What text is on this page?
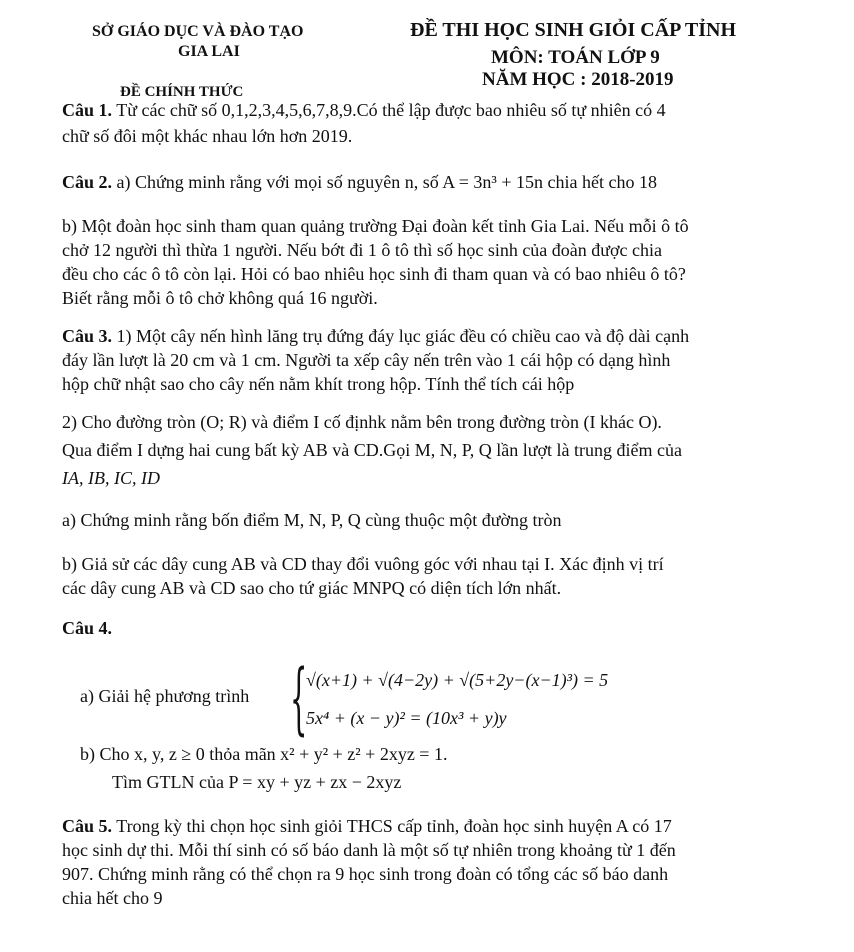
SỞ GIÁO DỤC VÀ ĐÀO TẠO
GIA LAI
ĐỀ CHÍNH THỨC
ĐỀ THI HỌC SINH GIỎI CẤP TỈNH
MÔN: TOÁN LỚP 9
NĂM HỌC : 2018-2019
Câu 1. Từ các chữ số 0,1,2,3,4,5,6,7,8,9.Có thể lập được bao nhiêu số tự nhiên có 4
chữ số đôi một khác nhau lớn hơn 2019.
Câu 2. a) Chứng minh rằng với mọi số nguyên n, số A = 3n³ + 15n chia hết cho 18
b) Một đoàn học sinh tham quan quảng trường Đại đoàn kết tỉnh Gia Lai. Nếu mỗi ô tô
chở 12 người thì thừa 1 người. Nếu bớt đi 1 ô tô thì số học sinh của đoàn được chia
đều cho các ô tô còn lại. Hỏi có bao nhiêu học sinh đi tham quan và có bao nhiêu ô tô?
Biết rằng mỗi ô tô chở không quá 16 người.
Câu 3. 1) Một cây nến hình lăng trụ đứng đáy lục giác đều có chiều cao và độ dài cạnh
đáy lần lượt là 20 cm và 1 cm. Người ta xếp cây nến trên vào 1 cái hộp có dạng hình
hộp chữ nhật sao cho cây nến nằm khít trong hộp. Tính thể tích cái hộp
2) Cho đường tròn (O; R) và điểm I cố địnhk nằm bên trong đường tròn (I khác O).
Qua điểm I dựng hai cung bất kỳ AB và CD.Gọi M, N, P, Q lần lượt là trung điểm của
IA, IB, IC, ID
a) Chứng minh rằng bốn điểm M, N, P, Q cùng thuộc một đường tròn
b) Giả sử các dây cung AB và CD thay đổi vuông góc với nhau tại I. Xác định vị trí
các dây cung AB và CD sao cho tứ giác MNPQ có diện tích lớn nhất.
Câu 4.
a) Giải hệ phương trình {
√(x+1) + √(4−2y) + √(5+2y−(x−1)³) = 5
5x⁴ + (x − y)² = (10x³ + y)y
b) Cho x, y, z ≥ 0 thỏa mãn x² + y² + z² + 2xyz = 1.
Tìm GTLN của P = xy + yz + zx − 2xyz
Câu 5. Trong kỳ thi chọn học sinh giỏi THCS cấp tỉnh, đoàn học sinh huyện A có 17
học sinh dự thi. Mỗi thí sinh có số báo danh là một số tự nhiên trong khoảng từ 1 đến
907. Chứng minh rằng có thể chọn ra 9 học sinh trong đoàn có tổng các số báo danh
chia hết cho 9
